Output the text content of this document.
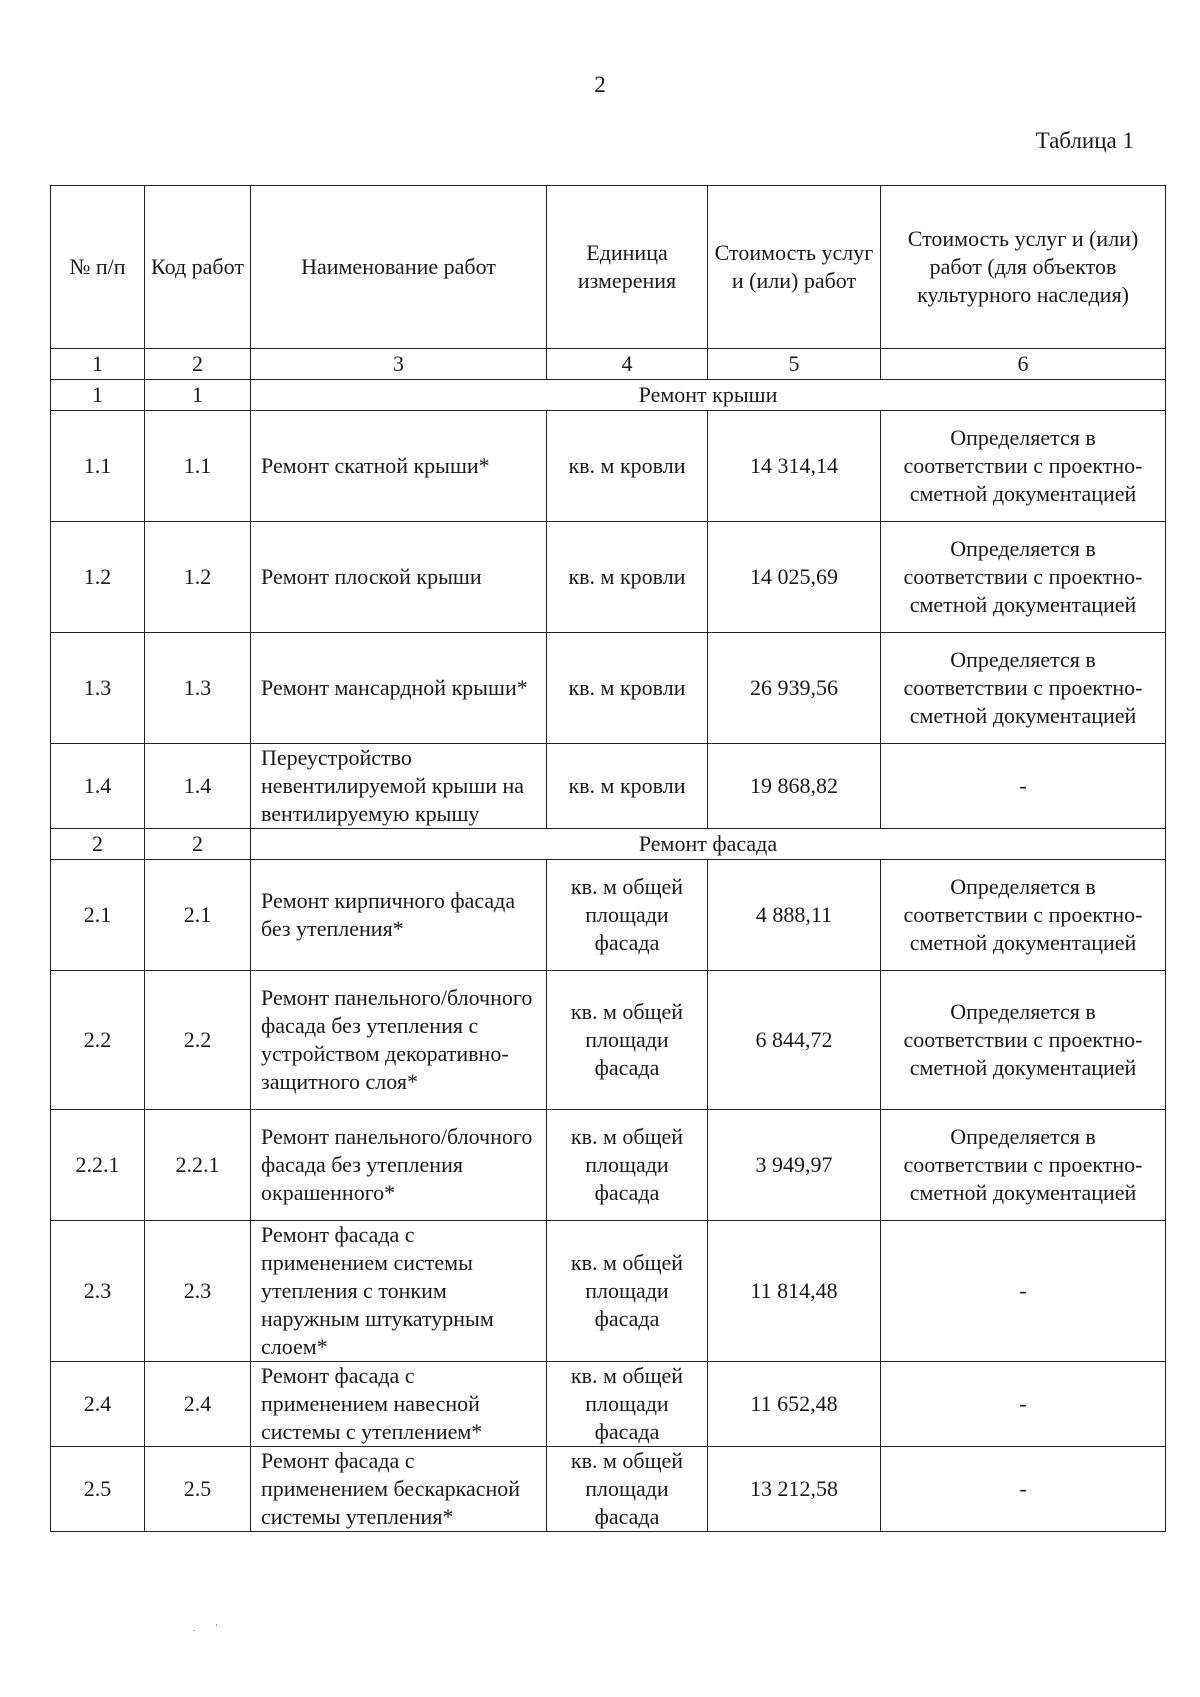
2
Таблица 1
№ п/п	Код работ	Наименование работ	Единица измерения	Стоимость услуг и (или) работ	Стоимость услуг и (или) работ (для объектов культурного наследия)
1	2	3	4	5	6
1	1	Ремонт крыши			
1.1	1.1	Ремонт скатной крыши*	кв. м кровли	14 314,14	Определяется в соответствии с проектно-сметной документацией
1.2	1.2	Ремонт плоской крыши	кв. м кровли	14 025,69	Определяется в соответствии с проектно-сметной документацией
1.3	1.3	Ремонт мансардной крыши*	кв. м кровли	26 939,56	Определяется в соответствии с проектно-сметной документацией
1.4	1.4	Переустройство невентилируемой крыши на вентилируемую крышу	кв. м кровли	19 868,82	-
2	2	Ремонт фасада			
2.1	2.1	Ремонт кирпичного фасада без утепления*	кв. м общей площади фасада	4 888,11	Определяется в соответствии с проектно-сметной документацией
2.2	2.2	Ремонт панельного/блочного фасада без утепления с устройством декоративно-защитного слоя*	кв. м общей площади фасада	6 844,72	Определяется в соответствии с проектно-сметной документацией
2.2.1	2.2.1	Ремонт панельного/блочного фасада без утепления окрашенного*	кв. м общей площади фасада	3 949,97	Определяется в соответствии с проектно-сметной документацией
2.3	2.3	Ремонт фасада с применением системы утепления с тонким наружным штукатурным слоем*	кв. м общей площади фасада	11 814,48	-
2.4	2.4	Ремонт фасада с применением навесной системы с утеплением*	кв. м общей площади фасада	11 652,48	-
2.5	2.5	Ремонт фасада с применением бескаркасной системы утепления*	кв. м общей площади фасада	13 212,58	-
.        '
